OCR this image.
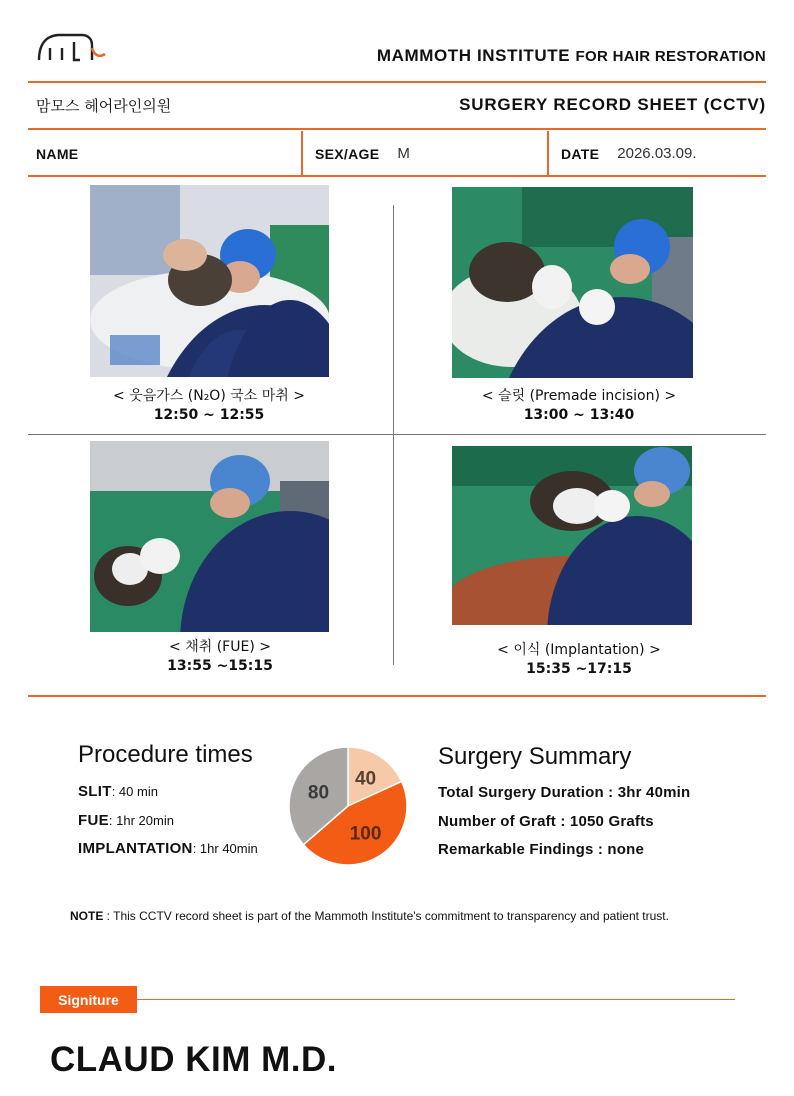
MAMMOTH INSTITUTE FOR HAIR RESTORATION
맘모스 헤어라인의원	SURGERY RECORD SHEET (CCTV)
NAME	SEX/AGE M	DATE 2026.03.09.
< 웃음가스 (N₂O) 국소 마취 >
12:50 ~ 12:55
< 슬릿 (Premade incision) >
13:00 ~ 13:40
< 채취 (FUE) >
13:55 ~15:15
< 이식 (Implantation) >
15:35 ~17:15
Procedure times
SLIT: 40 min
FUE: 1hr 20min
IMPLANTATION: 1hr 40min
40
100
80
Surgery Summary
Total Surgery Duration : 3hr 40min
Number of Graft : 1050 Grafts
Remarkable Findings : none
NOTE : This CCTV record sheet is part of the Mammoth Institute's commitment to transparency and patient trust.
Signiture
CLAUD KIM M.D.
